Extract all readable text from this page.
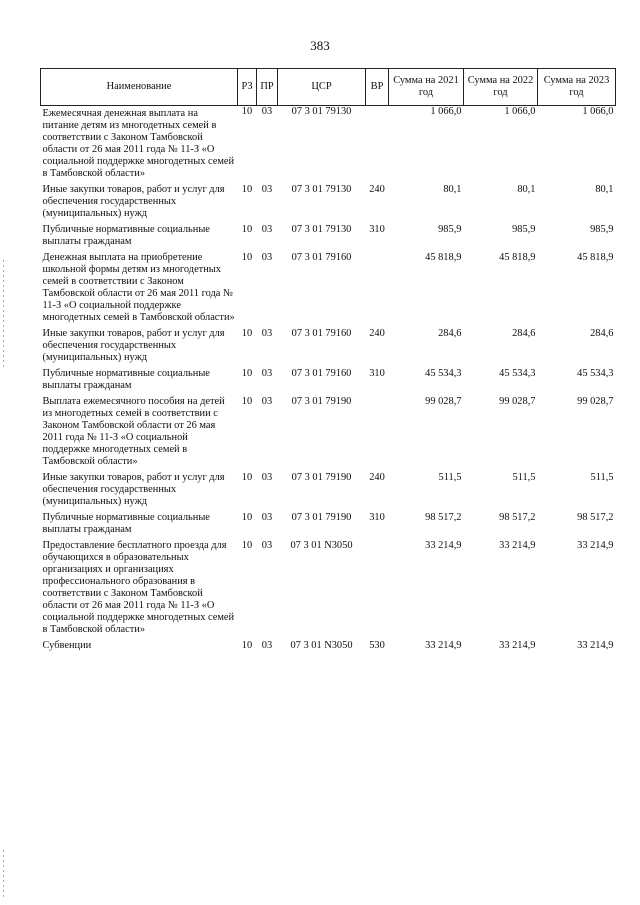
383
Наименование	РЗ	ПР	ЦСР	ВР	Сумма на 2021 год	Сумма на 2022 год	Сумма на 2023 год
Ежемесячная денежная выплата на питание детям из многодетных семей в соответствии с Законом Тамбовской области от 26 мая 2011 года № 11-З «О социальной поддержке многодетных семей в Тамбовской области»	10	03	07 3 01 79130		1 066,0	1 066,0	1 066,0
Иные закупки товаров, работ и услуг для обеспечения государственных (муниципальных) нужд	10	03	07 3 01 79130	240	80,1	80,1	80,1
Публичные нормативные социальные выплаты гражданам	10	03	07 3 01 79130	310	985,9	985,9	985,9
Денежная выплата на приобретение школьной формы детям из многодетных семей в соответствии с Законом Тамбовской области от 26 мая 2011 года № 11-З «О социальной поддержке многодетных семей в Тамбовской области»	10	03	07 3 01 79160		45 818,9	45 818,9	45 818,9
Иные закупки товаров, работ и услуг для обеспечения государственных (муниципальных) нужд	10	03	07 3 01 79160	240	284,6	284,6	284,6
Публичные нормативные социальные выплаты гражданам	10	03	07 3 01 79160	310	45 534,3	45 534,3	45 534,3
Выплата ежемесячного пособия на детей из многодетных семей в соответствии с Законом Тамбовской области от 26 мая 2011 года № 11-З «О социальной поддержке многодетных семей в Тамбовской области»	10	03	07 3 01 79190		99 028,7	99 028,7	99 028,7
Иные закупки товаров, работ и услуг для обеспечения государственных (муниципальных) нужд	10	03	07 3 01 79190	240	511,5	511,5	511,5
Публичные нормативные социальные выплаты гражданам	10	03	07 3 01 79190	310	98 517,2	98 517,2	98 517,2
Предоставление бесплатного проезда для обучающихся в образовательных организациях и организациях профессионального образования в соответствии с Законом Тамбовской области от 26 мая 2011 года № 11-З «О социальной поддержке многодетных семей в Тамбовской области»	10	03	07 3 01 N3050		33 214,9	33 214,9	33 214,9
Субвенции	10	03	07 3 01 N3050	530	33 214,9	33 214,9	33 214,9
